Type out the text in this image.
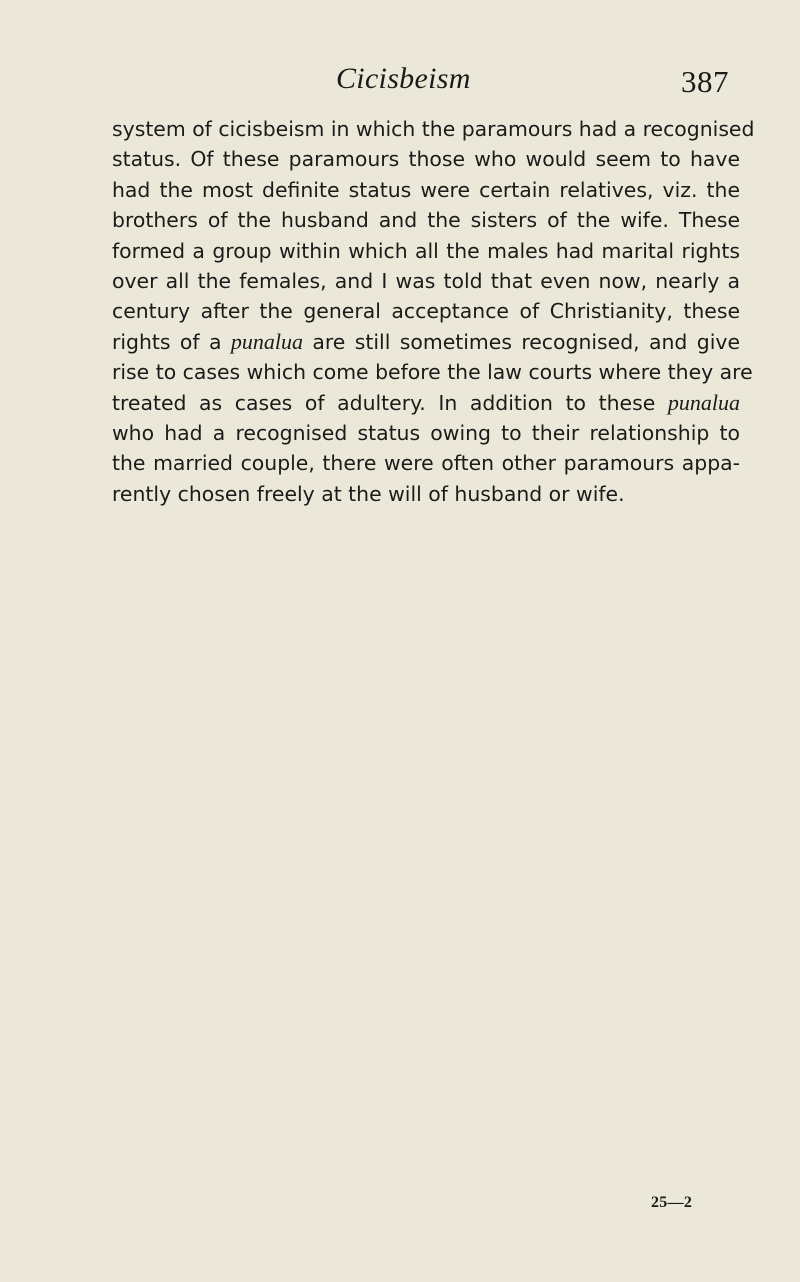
Cicisbeism	387
system of cicisbeism in which the paramours had a recognised
status. Of these paramours those who would seem to have
had the most definite status were certain relatives, viz. the
brothers of the husband and the sisters of the wife. These
formed a group within which all the males had marital rights
over all the females, and I was told that even now, nearly a
century after the general acceptance of Christianity, these
rights of a punalua are still sometimes recognised, and give
rise to cases which come before the law courts where they are
treated as cases of adultery. In addition to these punalua
who had a recognised status owing to their relationship to
the married couple, there were often other paramours appa-
rently chosen freely at the will of husband or wife.
25—2
